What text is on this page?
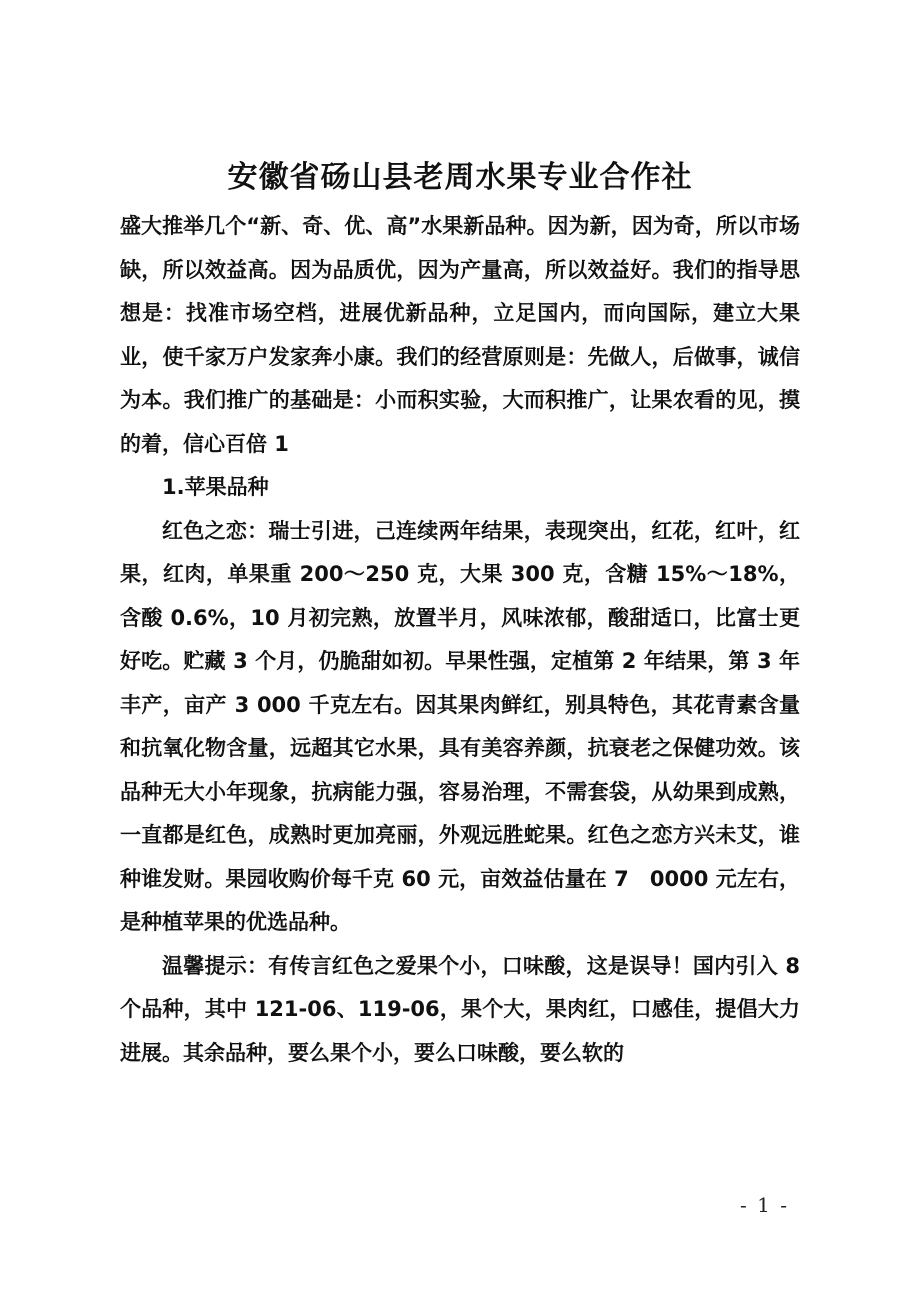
安徽省砀山县老周水果专业合作社

盛大推举几个“新、奇、优、高”水果新品种。因为新，因为奇，所以市场缺，所以效益高。因为品质优，因为产量高，所以效益好。我们的指导思想是：找准市场空档，进展优新品种，立足国内，而向国际，建立大果业，使千家万户发家奔小康。我们的经营原则是：先做人，后做事，诚信为本。我们推广的基础是：小而积实验，大而积推广，让果农看的见，摸的着，信心百倍 1

1.苹果品种

红色之恋：瑞士引进，己连续两年结果，表现突出，红花，红叶，红果，红肉，单果重 200～250 克，大果 300 克，含糖 15%～18%，含酸 0.6%，10 月初完熟，放置半月，风味浓郁，酸甜适口，比富士更好吃。贮藏 3 个月，仍脆甜如初。早果性强，定植第 2 年结果，第 3 年丰产，亩产 3 000 千克左右。因其果肉鲜红，别具特色，其花青素含量和抗氧化物含量，远超其它水果，具有美容养颜，抗衰老之保健功效。该品种无大小年现象，抗病能力强，容易治理，不需套袋，从幼果到成熟，一直都是红色，成熟时更加亮丽，外观远胜蛇果。红色之恋方兴未艾，谁种谁发财。果园收购价每千克 60 元，亩效益估量在 7　0000 元左右，是种植苹果的优选品种。

温馨提示：有传言红色之爱果个小，口味酸，这是误导！国内引入 8 个品种，其中 121-06、119-06，果个大，果肉红，口感佳，提倡大力进展。其余品种，要么果个小，要么口味酸，要么软的

- 1 -
